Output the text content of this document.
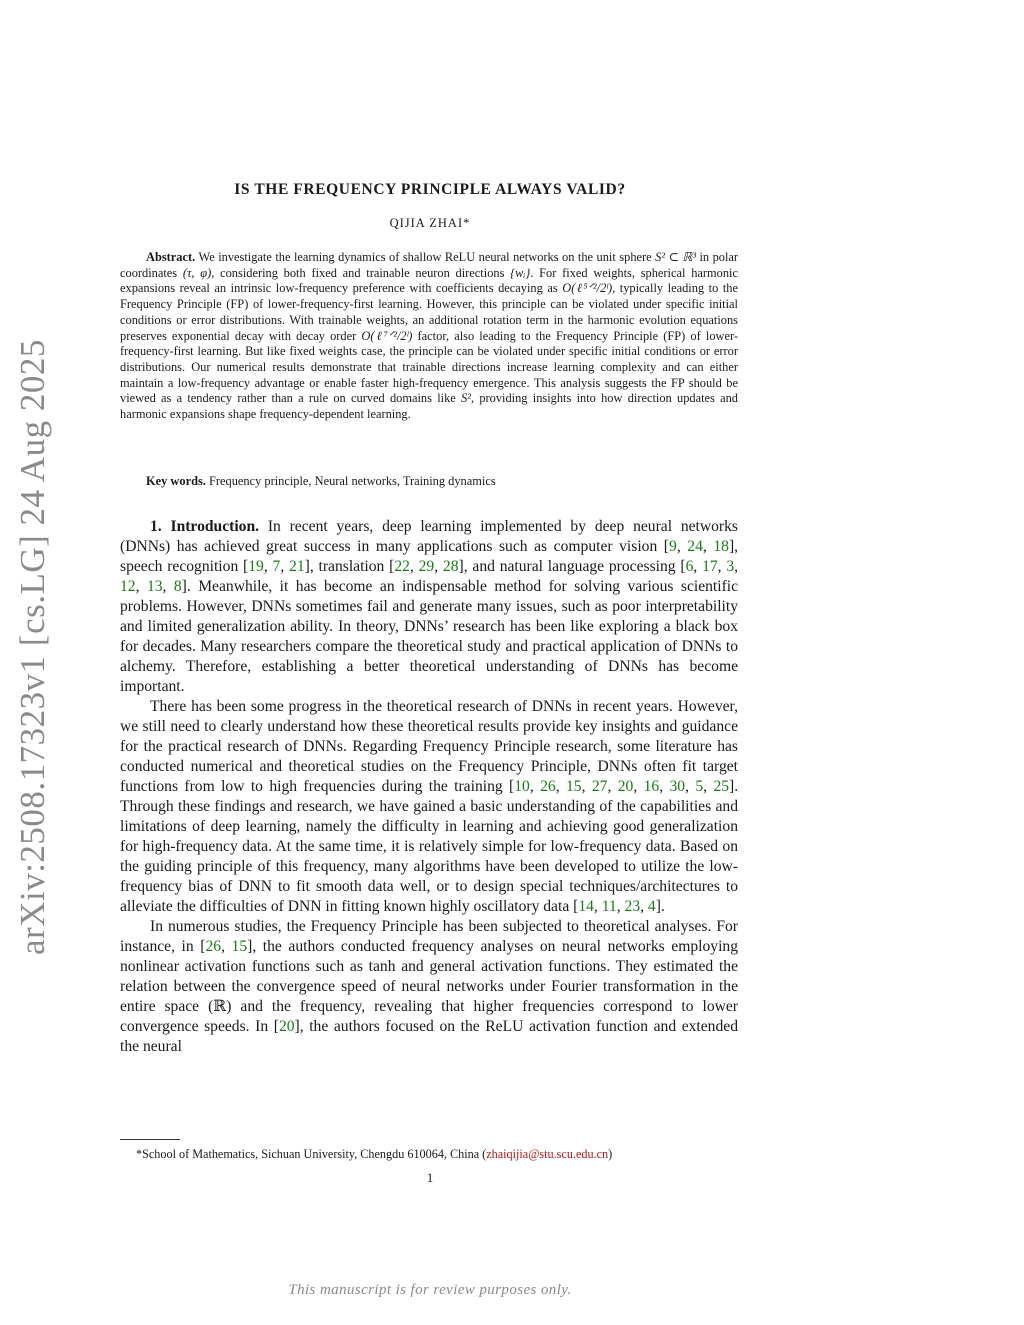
arXiv:2508.17323v1 [cs.LG] 24 Aug 2025
IS THE FREQUENCY PRINCIPLE ALWAYS VALID?
QIJIA ZHAI*
Abstract. We investigate the learning dynamics of shallow ReLU neural networks on the unit sphere S² ⊂ ℝ³ in polar coordinates (τ, φ), considering both fixed and trainable neuron directions {wᵢ}. For fixed weights, spherical harmonic expansions reveal an intrinsic low-frequency preference with coefficients decaying as O(ℓ⁵ᐟ²/2ˡ), typically leading to the Frequency Principle (FP) of lower-frequency-first learning. However, this principle can be violated under specific initial conditions or error distributions. With trainable weights, an additional rotation term in the harmonic evolution equations preserves exponential decay with decay order O(ℓ⁷ᐟ²/2ˡ) factor, also leading to the Frequency Principle (FP) of lower-frequency-first learning. But like fixed weights case, the principle can be violated under specific initial conditions or error distributions. Our numerical results demonstrate that trainable directions increase learning complexity and can either maintain a low-frequency advantage or enable faster high-frequency emergence. This analysis suggests the FP should be viewed as a tendency rather than a rule on curved domains like S², providing insights into how direction updates and harmonic expansions shape frequency-dependent learning.
Key words. Frequency principle, Neural networks, Training dynamics

1. Introduction. In recent years, deep learning implemented by deep neural networks (DNNs) has achieved great success in many applications such as computer vision [9, 24, 18], speech recognition [19, 7, 21], translation [22, 29, 28], and natural language processing [6, 17, 3, 12, 13, 8]. Meanwhile, it has become an indispensable method for solving various scientific problems. However, DNNs sometimes fail and generate many issues, such as poor interpretability and limited generalization ability. In theory, DNNs’ research has been like exploring a black box for decades. Many researchers compare the theoretical study and practical application of DNNs to alchemy. Therefore, establishing a better theoretical understanding of DNNs has become important.

There has been some progress in the theoretical research of DNNs in recent years. However, we still need to clearly understand how these theoretical results provide key insights and guidance for the practical research of DNNs. Regarding Frequency Principle research, some literature has conducted numerical and theoretical studies on the Frequency Principle, DNNs often fit target functions from low to high frequencies during the training [10, 26, 15, 27, 20, 16, 30, 5, 25]. Through these findings and research, we have gained a basic understanding of the capabilities and limitations of deep learning, namely the difficulty in learning and achieving good generalization for high-frequency data. At the same time, it is relatively simple for low-frequency data. Based on the guiding principle of this frequency, many algorithms have been developed to utilize the low-frequency bias of DNN to fit smooth data well, or to design special techniques/architectures to alleviate the difficulties of DNN in fitting known highly oscillatory data [14, 11, 23, 4].

In numerous studies, the Frequency Principle has been subjected to theoretical analyses. For instance, in [26, 15], the authors conducted frequency analyses on neural networks employing nonlinear activation functions such as tanh and general activation functions. They estimated the relation between the convergence speed of neural networks under Fourier transformation in the entire space (ℝ) and the frequency, revealing that higher frequencies correspond to lower convergence speeds. In [20], the authors focused on the ReLU activation function and extended the neural

*School of Mathematics, Sichuan University, Chengdu 610064, China (zhaiqijia@stu.scu.edu.cn)
1
This manuscript is for review purposes only.
